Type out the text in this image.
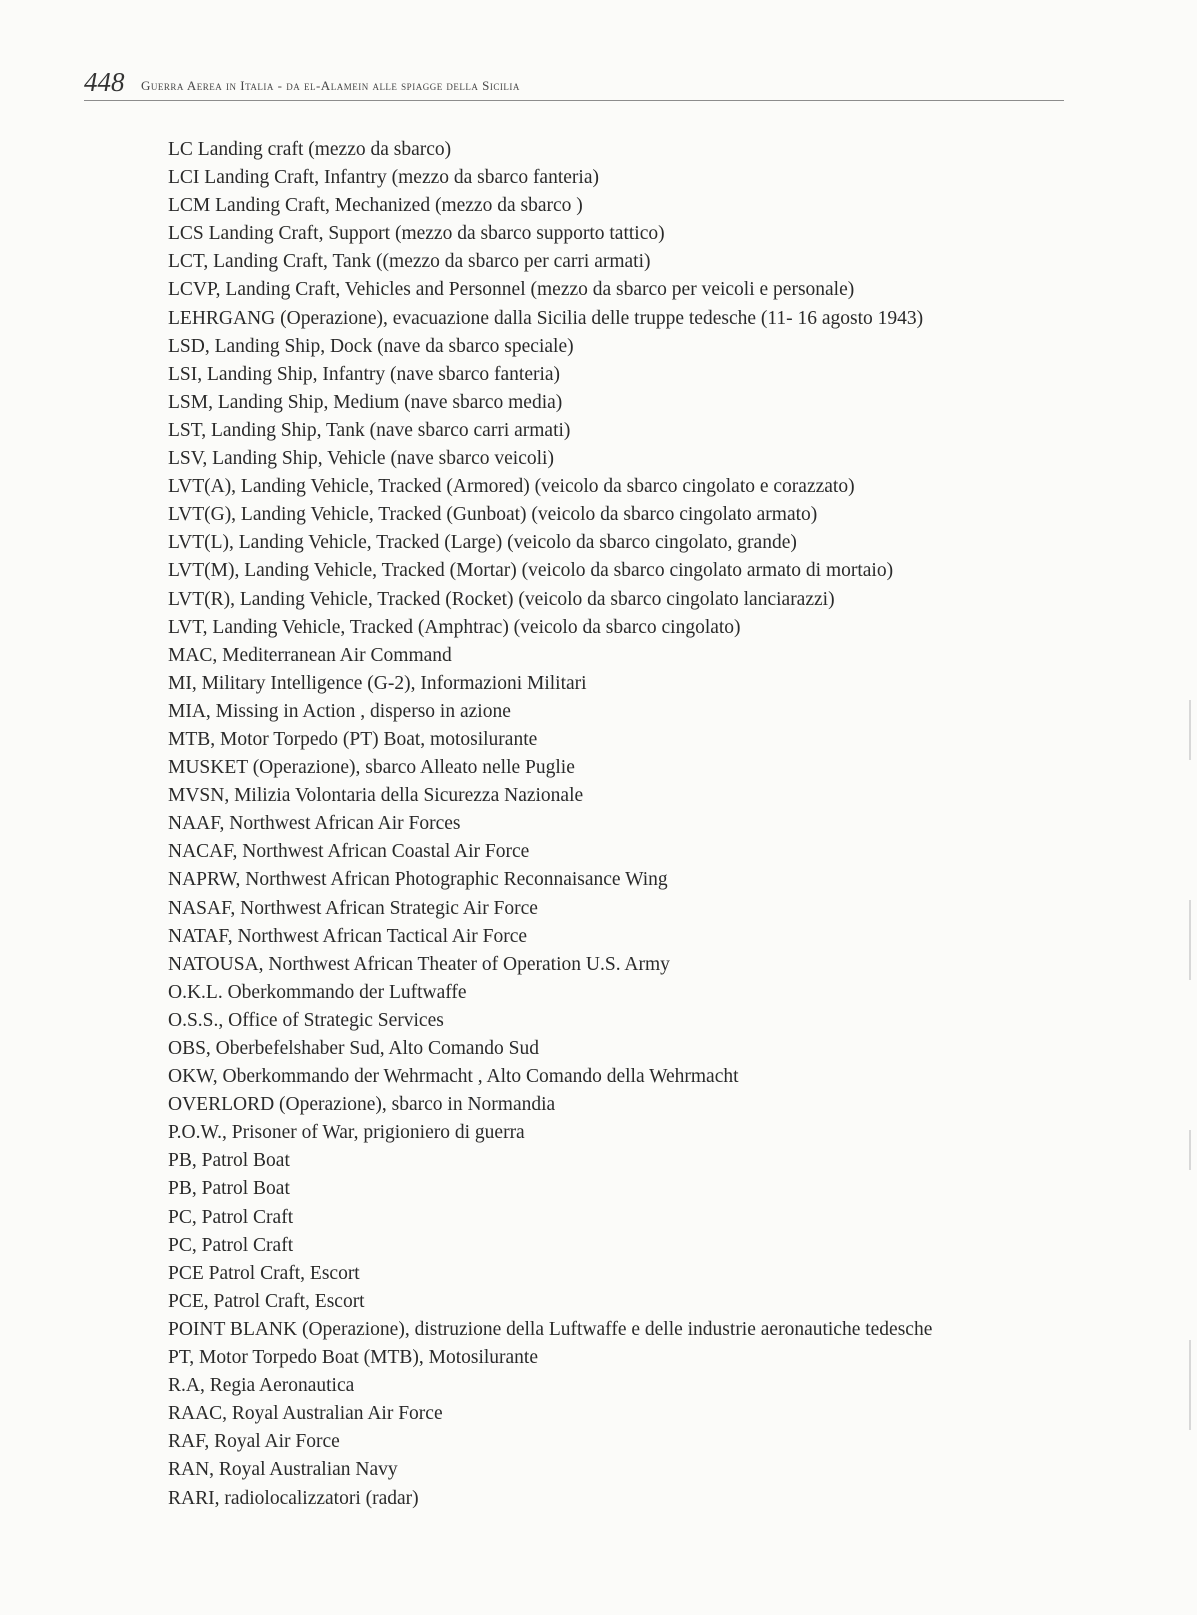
448 Guerra Aerea in Italia - da el-Alamein alle spiagge della Sicilia
LC Landing craft (mezzo da sbarco)
LCI Landing Craft, Infantry (mezzo da sbarco fanteria)
LCM Landing Craft, Mechanized (mezzo da sbarco )
LCS Landing Craft, Support (mezzo da sbarco supporto tattico)
LCT, Landing Craft, Tank ((mezzo da sbarco per carri armati)
LCVP, Landing Craft, Vehicles and Personnel (mezzo da sbarco per veicoli e personale)
LEHRGANG (Operazione), evacuazione dalla Sicilia delle truppe tedesche (11- 16 agosto 1943)
LSD, Landing Ship, Dock (nave da sbarco speciale)
LSI, Landing Ship, Infantry (nave sbarco fanteria)
LSM, Landing Ship, Medium (nave sbarco media)
LST, Landing Ship, Tank (nave sbarco carri armati)
LSV, Landing Ship, Vehicle (nave sbarco veicoli)
LVT(A), Landing Vehicle, Tracked (Armored) (veicolo da sbarco cingolato e corazzato)
LVT(G), Landing Vehicle, Tracked (Gunboat) (veicolo da sbarco cingolato armato)
LVT(L), Landing Vehicle, Tracked (Large) (veicolo da sbarco cingolato, grande)
LVT(M), Landing Vehicle, Tracked (Mortar) (veicolo da sbarco cingolato armato di mortaio)
LVT(R), Landing Vehicle, Tracked (Rocket) (veicolo da sbarco cingolato lanciarazzi)
LVT, Landing Vehicle, Tracked (Amphtrac) (veicolo da sbarco cingolato)
MAC, Mediterranean Air Command
MI, Military Intelligence (G-2), Informazioni Militari
MIA, Missing in Action , disperso in azione
MTB, Motor Torpedo (PT) Boat, motosilurante
MUSKET (Operazione), sbarco Alleato nelle Puglie
MVSN, Milizia Volontaria della Sicurezza Nazionale
NAAF, Northwest African Air Forces
NACAF, Northwest African Coastal Air Force
NAPRW, Northwest African Photographic Reconnaisance Wing
NASAF, Northwest African Strategic Air Force
NATAF, Northwest African Tactical Air Force
NATOUSA, Northwest African Theater of Operation U.S. Army
O.K.L. Oberkommando der Luftwaffe
O.S.S., Office of Strategic Services
OBS, Oberbefelshaber Sud, Alto Comando Sud
OKW, Oberkommando der Wehrmacht , Alto Comando della Wehrmacht
OVERLORD (Operazione), sbarco in Normandia
P.O.W., Prisoner of War, prigioniero di guerra
PB, Patrol Boat
PB, Patrol Boat
PC, Patrol Craft
PC, Patrol Craft
PCE Patrol Craft, Escort
PCE, Patrol Craft, Escort
POINT BLANK (Operazione), distruzione della Luftwaffe e delle industrie aeronautiche tedesche
PT, Motor Torpedo Boat (MTB), Motosilurante
R.A, Regia Aeronautica
RAAC, Royal Australian Air Force
RAF, Royal Air Force
RAN, Royal Australian Navy
RARI, radiolocalizzatori (radar)
